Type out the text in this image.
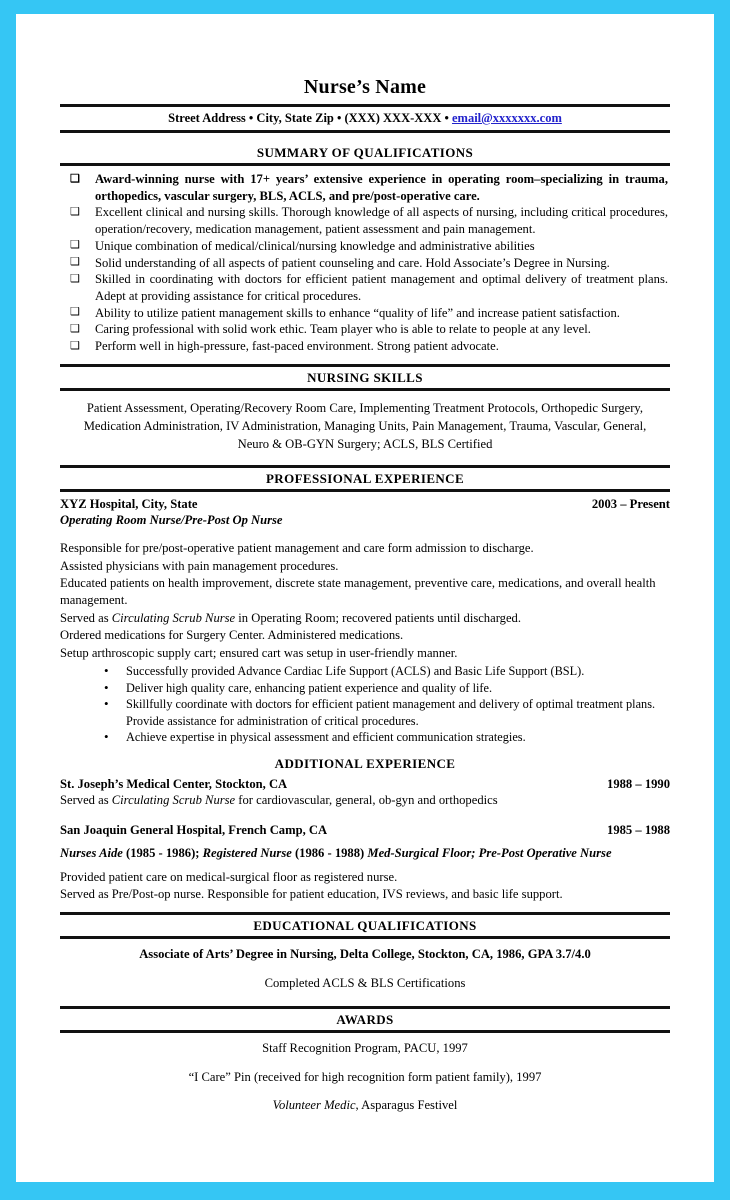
Nurse’s Name
Street Address • City, State Zip • (XXX) XXX-XXX • email@xxxxxxx.com
SUMMARY OF QUALIFICATIONS
❑ Award-winning nurse with 17+ years’ extensive experience in operating room–specializing in trauma, orthopedics, vascular surgery, BLS, ACLS, and pre/post-operative care.
❑ Excellent clinical and nursing skills. Thorough knowledge of all aspects of nursing, including critical procedures, operation/recovery, medication management, patient assessment and pain management.
❑ Unique combination of medical/clinical/nursing knowledge and administrative abilities
❑ Solid understanding of all aspects of patient counseling and care. Hold Associate’s Degree in Nursing.
❑ Skilled in coordinating with doctors for efficient patient management and optimal delivery of treatment plans. Adept at providing assistance for critical procedures.
❑ Ability to utilize patient management skills to enhance “quality of life” and increase patient satisfaction.
❑ Caring professional with solid work ethic. Team player who is able to relate to people at any level.
❑ Perform well in high-pressure, fast-paced environment. Strong patient advocate.
NURSING SKILLS
Patient Assessment, Operating/Recovery Room Care, Implementing Treatment Protocols, Orthopedic Surgery, Medication Administration, IV Administration, Managing Units, Pain Management, Trauma, Vascular, General, Neuro & OB-GYN Surgery; ACLS, BLS Certified
PROFESSIONAL EXPERIENCE
XYZ Hospital, City, State	2003 – Present
Operating Room Nurse/Pre-Post Op Nurse

Responsible for pre/post-operative patient management and care form admission to discharge.

Assisted physicians with pain management procedures.

Educated patients on health improvement, discrete state management, preventive care, medications, and overall health management.

Served as Circulating Scrub Nurse in Operating Room; recovered patients until discharged.

Ordered medications for Surgery Center. Administered medications.

Setup arthroscopic supply cart; ensured cart was setup in user-friendly manner.

• Successfully provided Advance Cardiac Life Support (ACLS) and Basic Life Support (BSL).
• Deliver high quality care, enhancing patient experience and quality of life.
• Skillfully coordinate with doctors for efficient patient management and delivery of optimal treatment plans. Provide assistance for administration of critical procedures.
• Achieve expertise in physical assessment and efficient communication strategies.
ADDITIONAL EXPERIENCE
St. Joseph’s Medical Center, Stockton, CA	1988 – 1990
Served as Circulating Scrub Nurse for cardiovascular, general, ob-gyn and orthopedics
San Joaquin General Hospital, French Camp, CA	1985 – 1988
Nurses Aide (1985 - 1986); Registered Nurse (1986 - 1988) Med-Surgical Floor; Pre-Post Operative Nurse
Provided patient care on medical-surgical floor as registered nurse.
Served as Pre/Post-op nurse. Responsible for patient education, IVS reviews, and basic life support.
EDUCATIONAL QUALIFICATIONS
Associate of Arts’ Degree in Nursing, Delta College, Stockton, CA, 1986, GPA 3.7/4.0
Completed ACLS & BLS Certifications
AWARDS
Staff Recognition Program, PACU, 1997
“I Care” Pin (received for high recognition form patient family), 1997
Volunteer Medic, Asparagus Festivel
